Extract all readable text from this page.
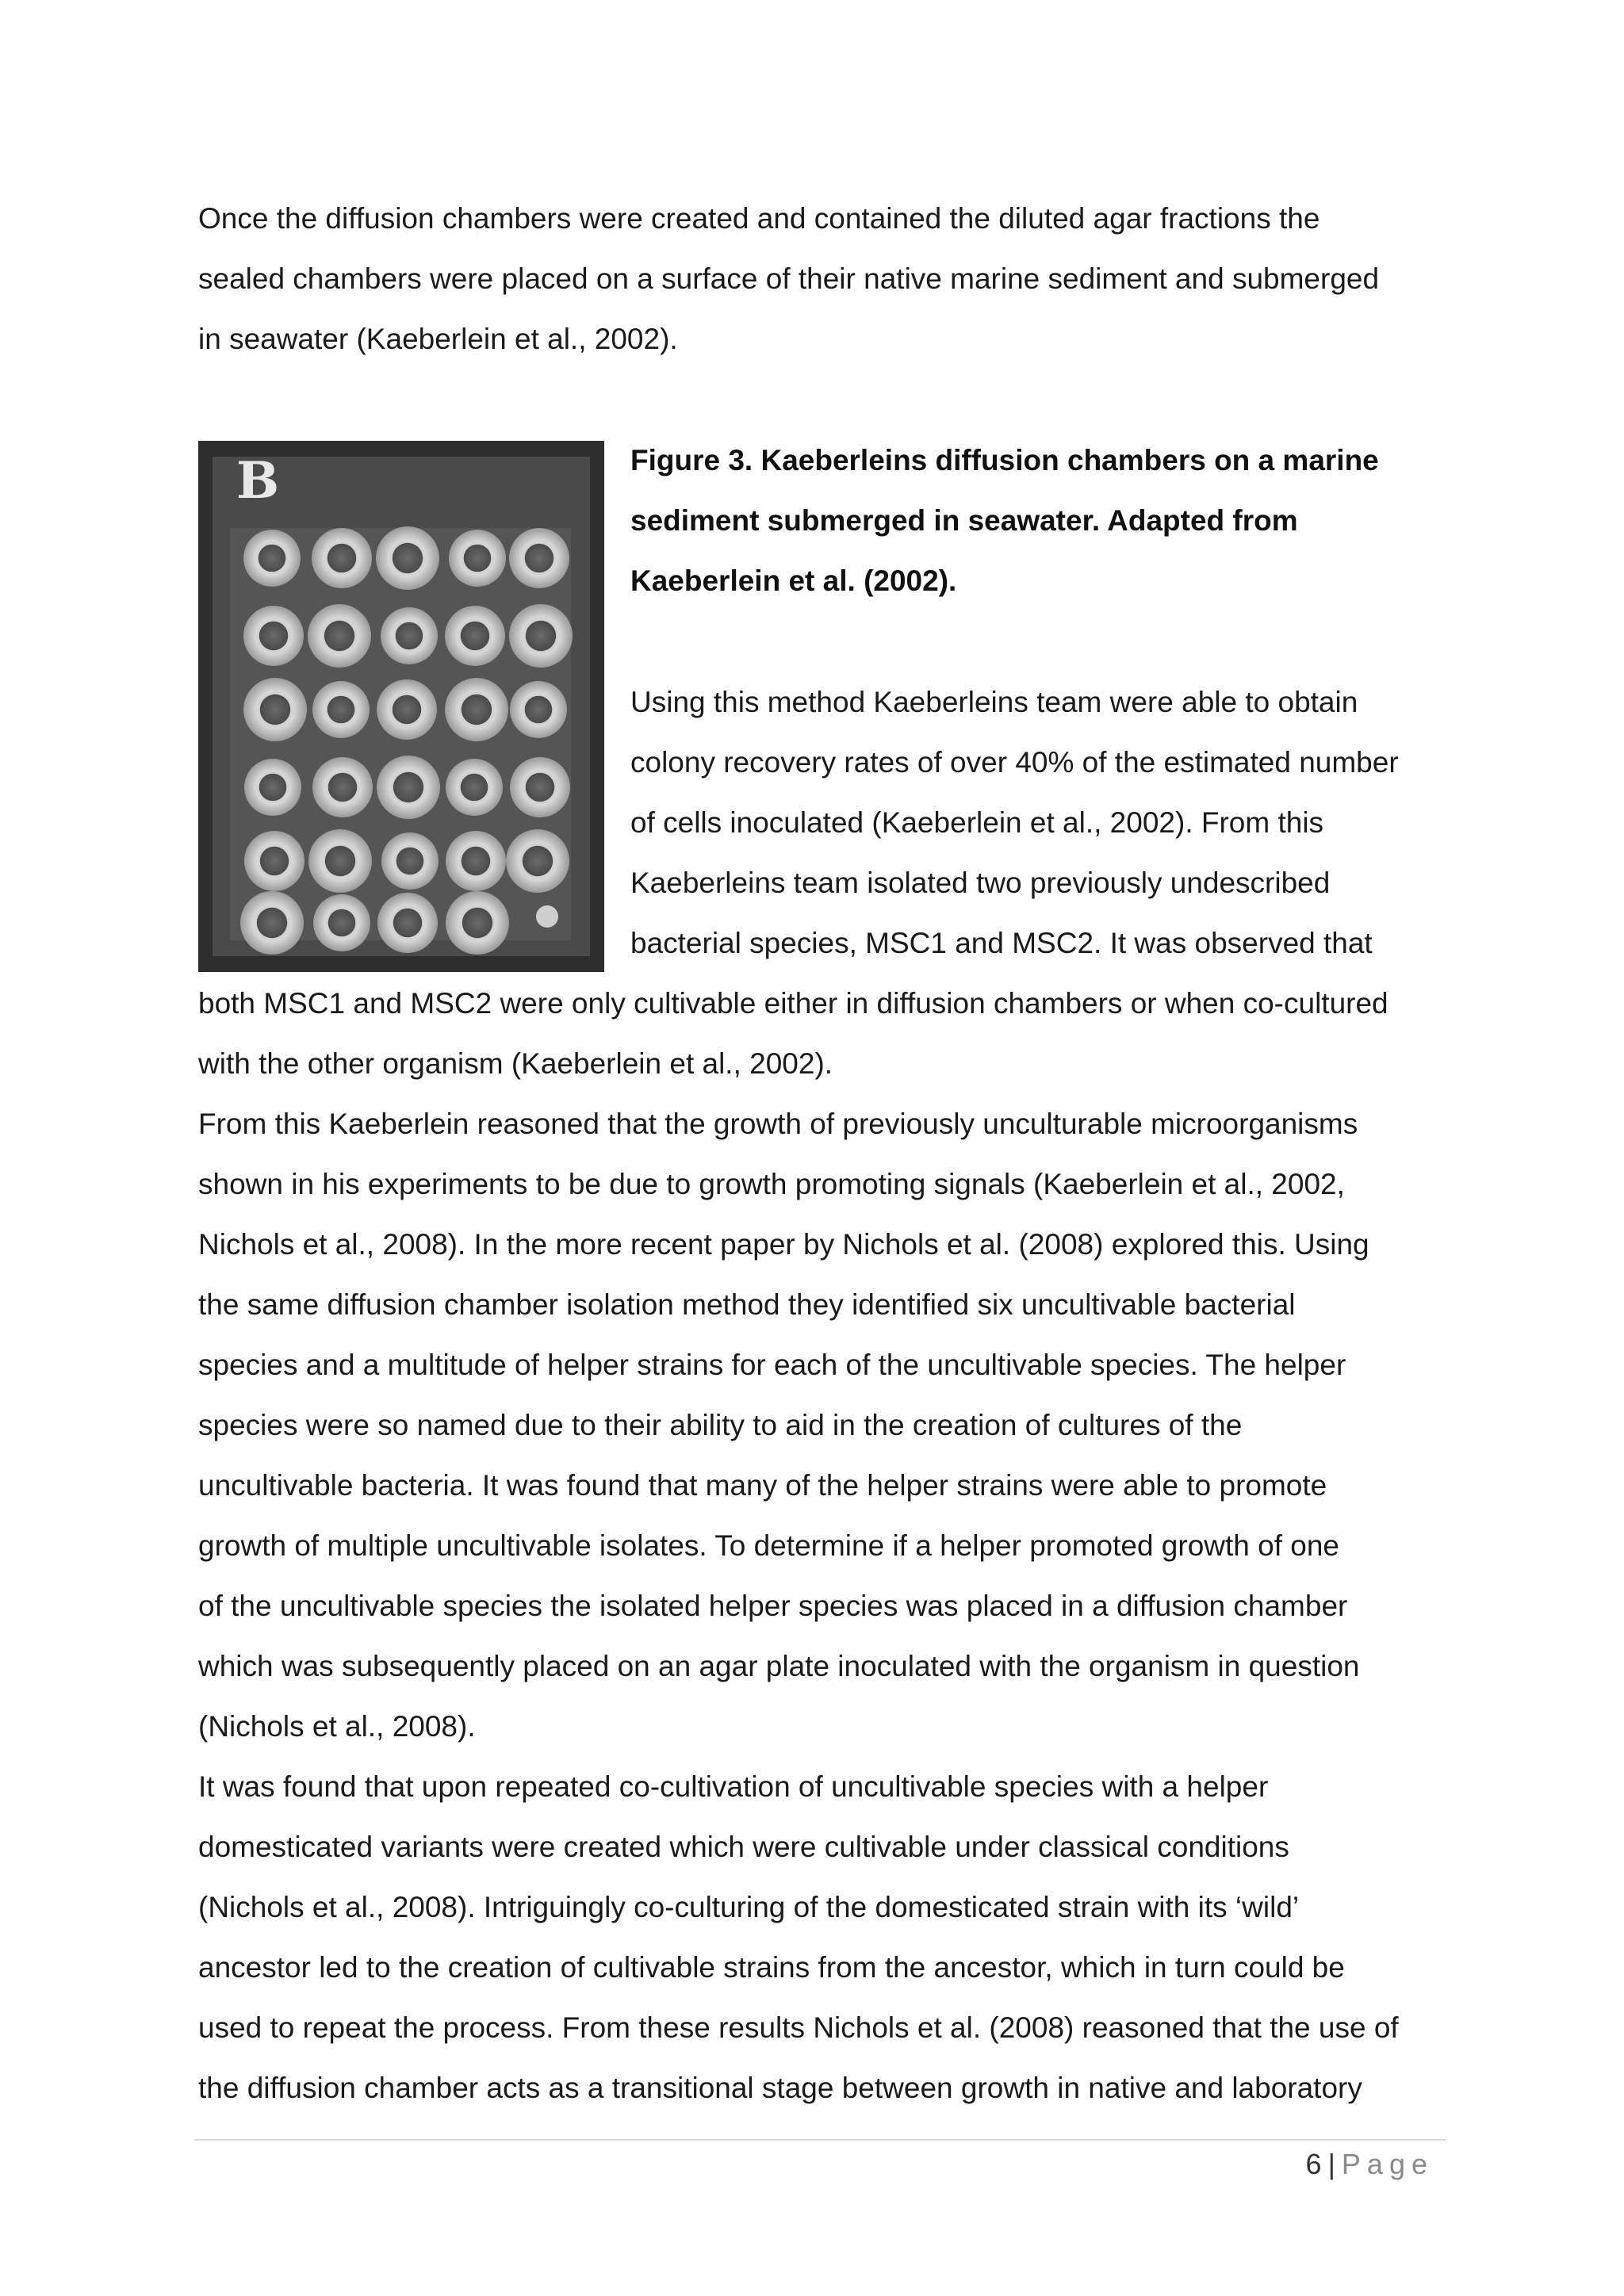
Once the diffusion chambers were created and contained the diluted agar fractions the
sealed chambers were placed on a surface of their native marine sediment and submerged
in seawater (Kaeberlein et al., 2002).
B	Figure 3. Kaeberleins diffusion chambers on a marine
sediment submerged in seawater. Adapted from
Kaeberlein et al. (2002).
Using this method Kaeberleins team were able to obtain
colony recovery rates of over 40% of the estimated number
of cells inoculated (Kaeberlein et al., 2002). From this
Kaeberleins team isolated two previously undescribed
bacterial species, MSC1 and MSC2. It was observed that
both MSC1 and MSC2 were only cultivable either in diffusion chambers or when co-cultured
with the other organism (Kaeberlein et al., 2002).
From this Kaeberlein reasoned that the growth of previously unculturable microorganisms
shown in his experiments to be due to growth promoting signals (Kaeberlein et al., 2002,
Nichols et al., 2008). In the more recent paper by Nichols et al. (2008) explored this. Using
the same diffusion chamber isolation method they identified six uncultivable bacterial
species and a multitude of helper strains for each of the uncultivable species. The helper
species were so named due to their ability to aid in the creation of cultures of the
uncultivable bacteria. It was found that many of the helper strains were able to promote
growth of multiple uncultivable isolates. To determine if a helper promoted growth of one
of the uncultivable species the isolated helper species was placed in a diffusion chamber
which was subsequently placed on an agar plate inoculated with the organism in question
(Nichols et al., 2008).
It was found that upon repeated co-cultivation of uncultivable species with a helper
domesticated variants were created which were cultivable under classical conditions
(Nichols et al., 2008). Intriguingly co-culturing of the domesticated strain with its ‘wild’
ancestor led to the creation of cultivable strains from the ancestor, which in turn could be
used to repeat the process. From these results Nichols et al. (2008) reasoned that the use of
the diffusion chamber acts as a transitional stage between growth in native and laboratory
6 | Page
